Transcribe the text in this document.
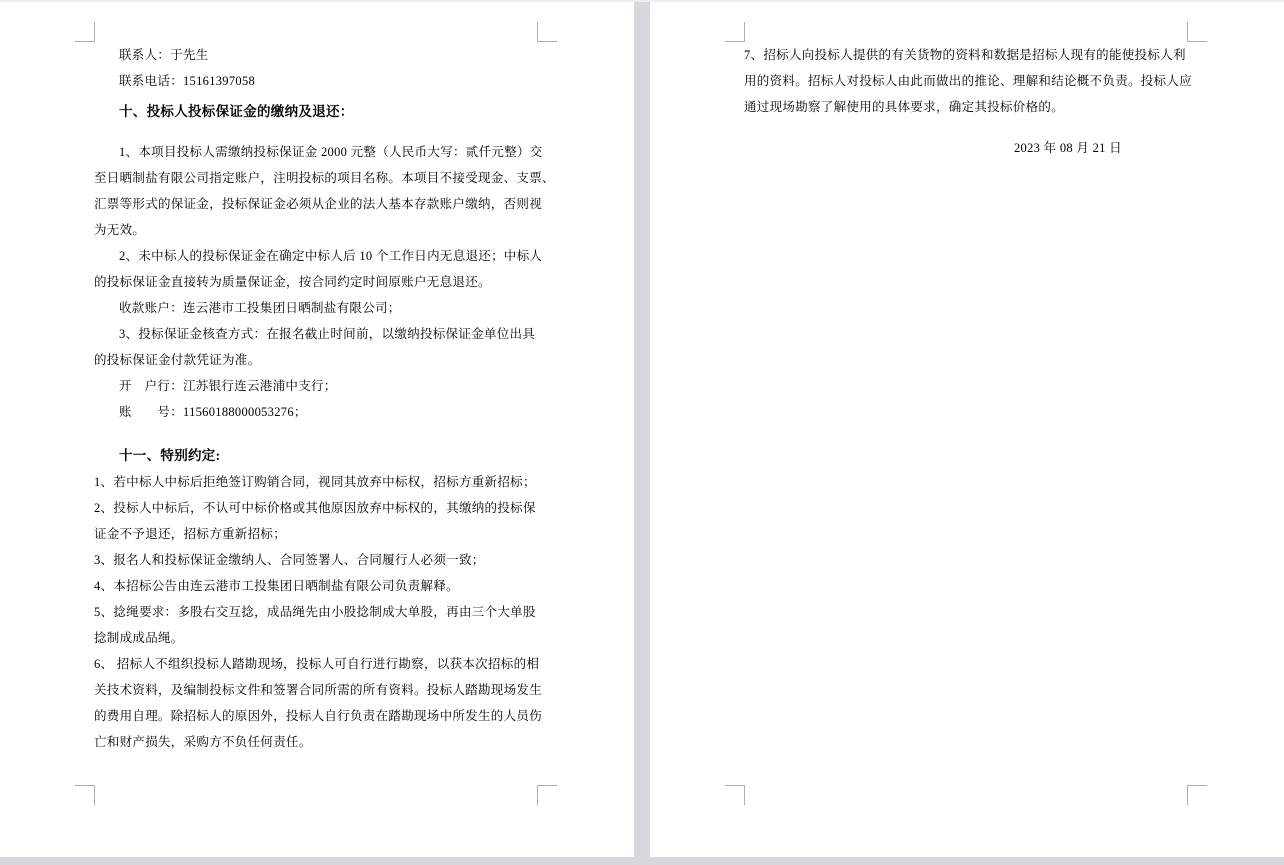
联系人：于先生
联系电话：15161397058
十、投标人投标保证金的缴纳及退还：
1、本项目投标人需缴纳投标保证金 2000 元整（人民币大写：贰仟元整）交
至日晒制盐有限公司指定账户，注明投标的项目名称。本项目不接受现金、支票、
汇票等形式的保证金，投标保证金必须从企业的法人基本存款账户缴纳，否则视
为无效。
2、未中标人的投标保证金在确定中标人后 10 个工作日内无息退还；中标人
的投标保证金直接转为质量保证金，按合同约定时间原账户无息退还。
收款账户：连云港市工投集团日晒制盐有限公司；
3、投标保证金核查方式：在报名截止时间前，以缴纳投标保证金单位出具
的投标保证金付款凭证为准。
开　户行：江苏银行连云港浦中支行；
账　　号：11560188000053276；
十一、特别约定:
1、若中标人中标后拒绝签订购销合同，视同其放弃中标权，招标方重新招标；
2、投标人中标后，不认可中标价格或其他原因放弃中标权的，其缴纳的投标保
证金不予退还，招标方重新招标；
3、报名人和投标保证金缴纳人、合同签署人、合同履行人必须一致；
4、本招标公告由连云港市工投集团日晒制盐有限公司负责解释。
5、捻绳要求：多股右交互捻，成品绳先由小股捻制成大单股，再由三个大单股
捻制成成品绳。
6、 招标人不组织投标人踏勘现场，投标人可自行进行勘察，以获本次招标的相
关技术资料，及编制投标文件和签署合同所需的所有资料。投标人踏勘现场发生
的费用自理。除招标人的原因外，投标人自行负责在踏勘现场中所发生的人员伤
亡和财产损失，采购方不负任何责任。
7、招标人向投标人提供的有关货物的资料和数据是招标人现有的能使投标人利
用的资料。招标人对投标人由此而做出的推论、理解和结论概不负责。投标人应
通过现场勘察了解使用的具体要求，确定其投标价格的。
2023 年 08 月 21 日
